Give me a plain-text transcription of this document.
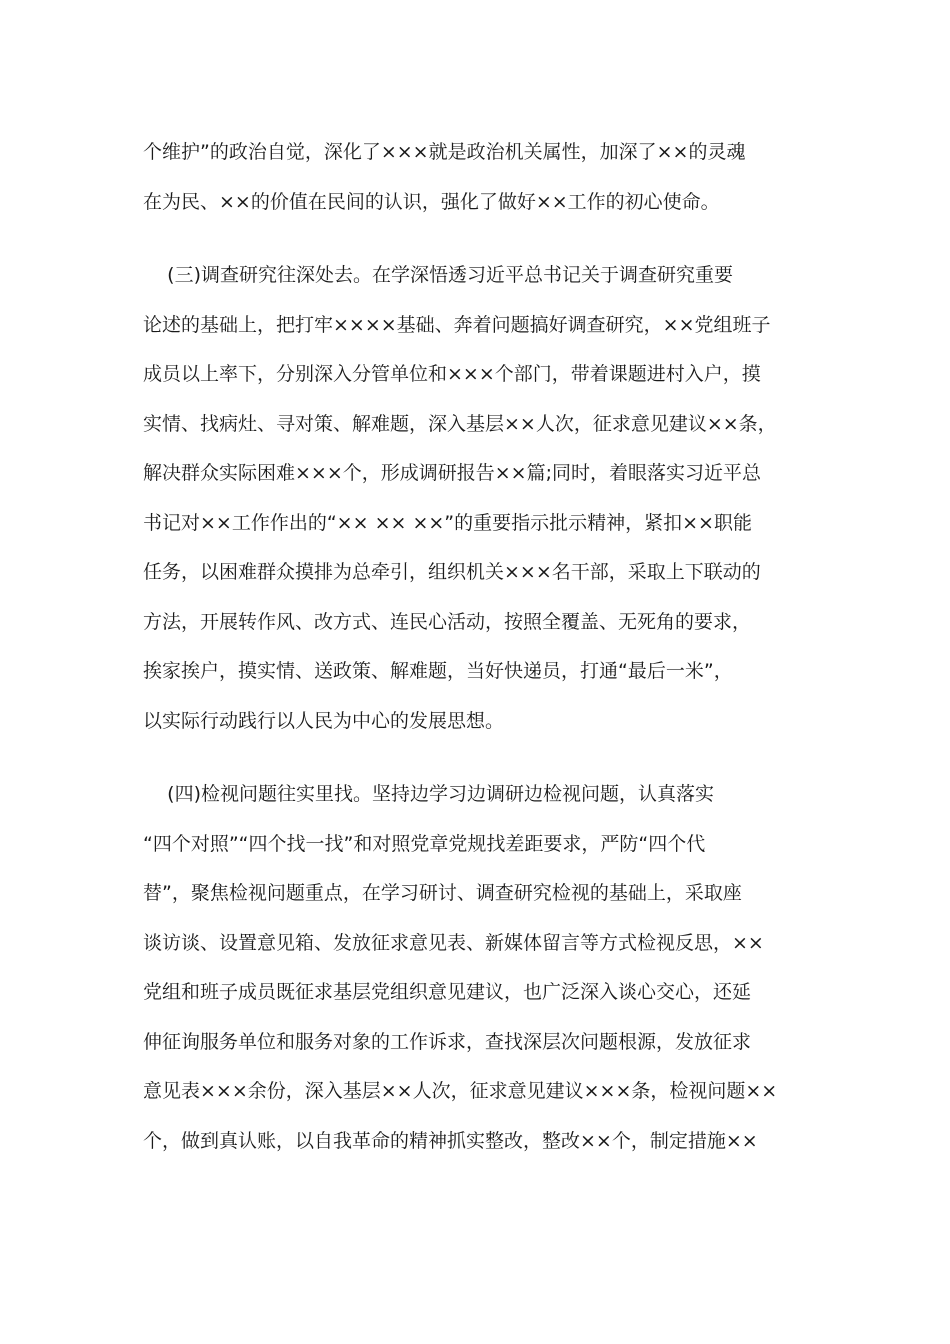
个维护”的政治自觉，深化了×××就是政治机关属性，加深了××的灵魂
在为民、××的价值在民间的认识，强化了做好××工作的初心使命。
(三)调查研究往深处去。在学深悟透习近平总书记关于调查研究重要
论述的基础上，把打牢××××基础、奔着问题搞好调查研究，××党组班子
成员以上率下，分别深入分管单位和×××个部门，带着课题进村入户，摸
实情、找病灶、寻对策、解难题，深入基层××人次，征求意见建议××条，
解决群众实际困难×××个，形成调研报告××篇;同时，着眼落实习近平总
书记对××工作作出的“×× ×× ××”的重要指示批示精神，紧扣××职能
任务，以困难群众摸排为总牵引，组织机关×××名干部，采取上下联动的
方法，开展转作风、改方式、连民心活动，按照全覆盖、无死角的要求，
挨家挨户，摸实情、送政策、解难题，当好快递员，打通“最后一米”，
以实际行动践行以人民为中心的发展思想。
(四)检视问题往实里找。坚持边学习边调研边检视问题，认真落实
“四个对照”“四个找一找”和对照党章党规找差距要求，严防“四个代
替”，聚焦检视问题重点，在学习研讨、调查研究检视的基础上，采取座
谈访谈、设置意见箱、发放征求意见表、新媒体留言等方式检视反思，××
党组和班子成员既征求基层党组织意见建议，也广泛深入谈心交心，还延
伸征询服务单位和服务对象的工作诉求，查找深层次问题根源，发放征求
意见表×××余份，深入基层××人次，征求意见建议×××条，检视问题××
个，做到真认账，以自我革命的精神抓实整改，整改××个，制定措施××
